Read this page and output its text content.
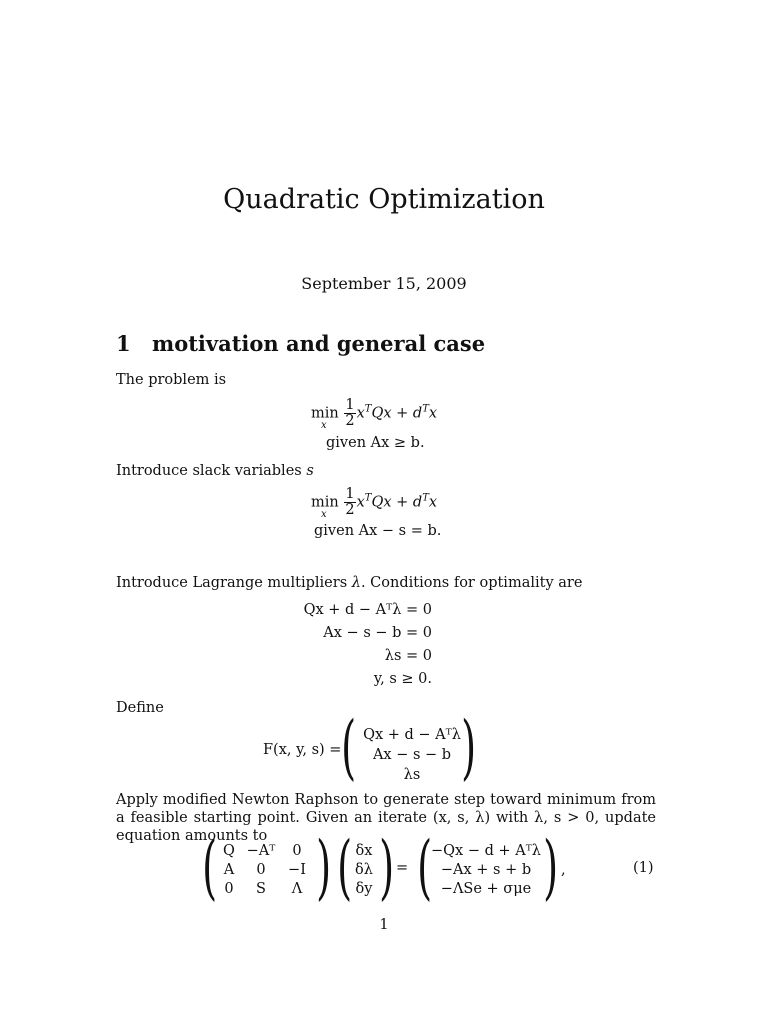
Quadratic Optimization
September 15, 2009
1 motivation and general case
The problem is
$\min \frac{1}{2} x^TQx + d^Tx$
x
given Ax ≥ b.
Introduce slack variables s
$\min \frac{1}{2} x^TQx + d^Tx$
x
given Ax − s = b.
Introduce Lagrange multipliers λ. Conditions for optimality are
Qx + d − Aᵀλ = 0
Ax − s − b = 0
λs = 0
y, s ≥ 0.
Define
F(x, y, s) = ( Qx + d − Aᵀλ
Ax − s − b
λs )
Apply modified Newton Raphson to generate step toward minimum from a feasible starting point. Given an iterate (x, s, λ) with λ, s > 0, update equation amounts to
( Q −Aᵀ	0
A	0	−I
0	S	Λ ) ( δx
δλ
δy ) = (
−Qx − d + Aᵀλ
−Ax + s + b
−ΛSe + σμe ) ,	(1)
1
